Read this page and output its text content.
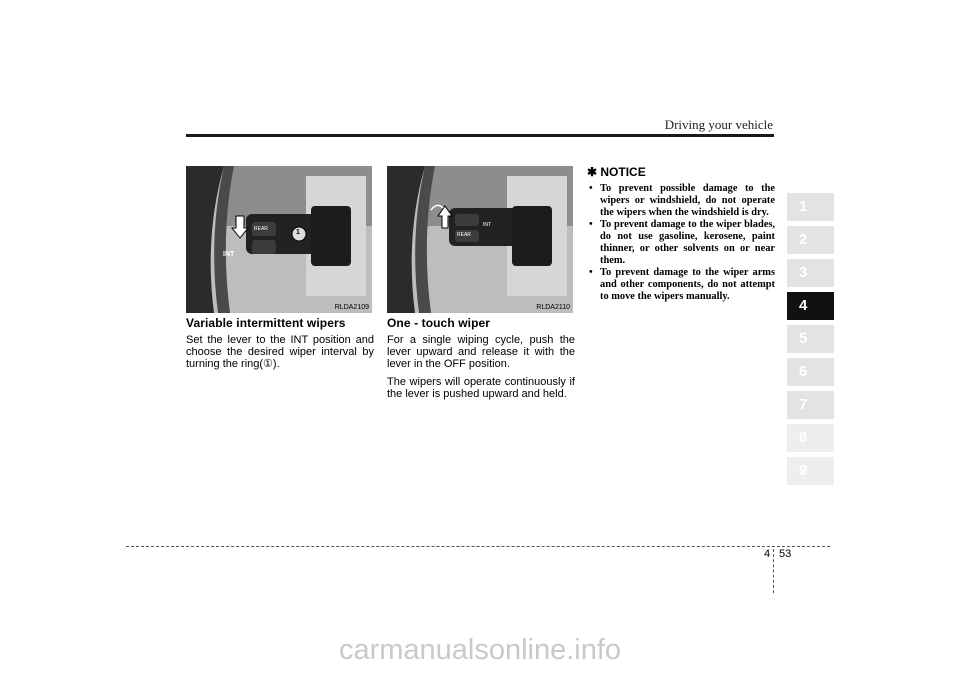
Driving your vehicle
REAR
INT
1
RLDA2109
REAR
INT
RLDA2110
Variable intermittent wipers

Set the lever to the INT position and choose the desired wiper interval by turning the ring(①).

One - touch wiper

For a single wiping cycle, push the lever upward and release it with the lever in the OFF position.

The wipers will operate continuously if the lever is pushed upward and held.

✱ NOTICE
• To prevent possible damage to the wipers or windshield, do not operate the wipers when the windshield is dry.
• To prevent damage to the wiper blades, do not use gasoline, kerosene, paint thinner, or other solvents on or near them.
• To prevent damage to the wiper arms and other components, do not attempt to move the wipers manually.
1
2
3
4
5
6
7
8
9
4 53
carmanualsonline.info
